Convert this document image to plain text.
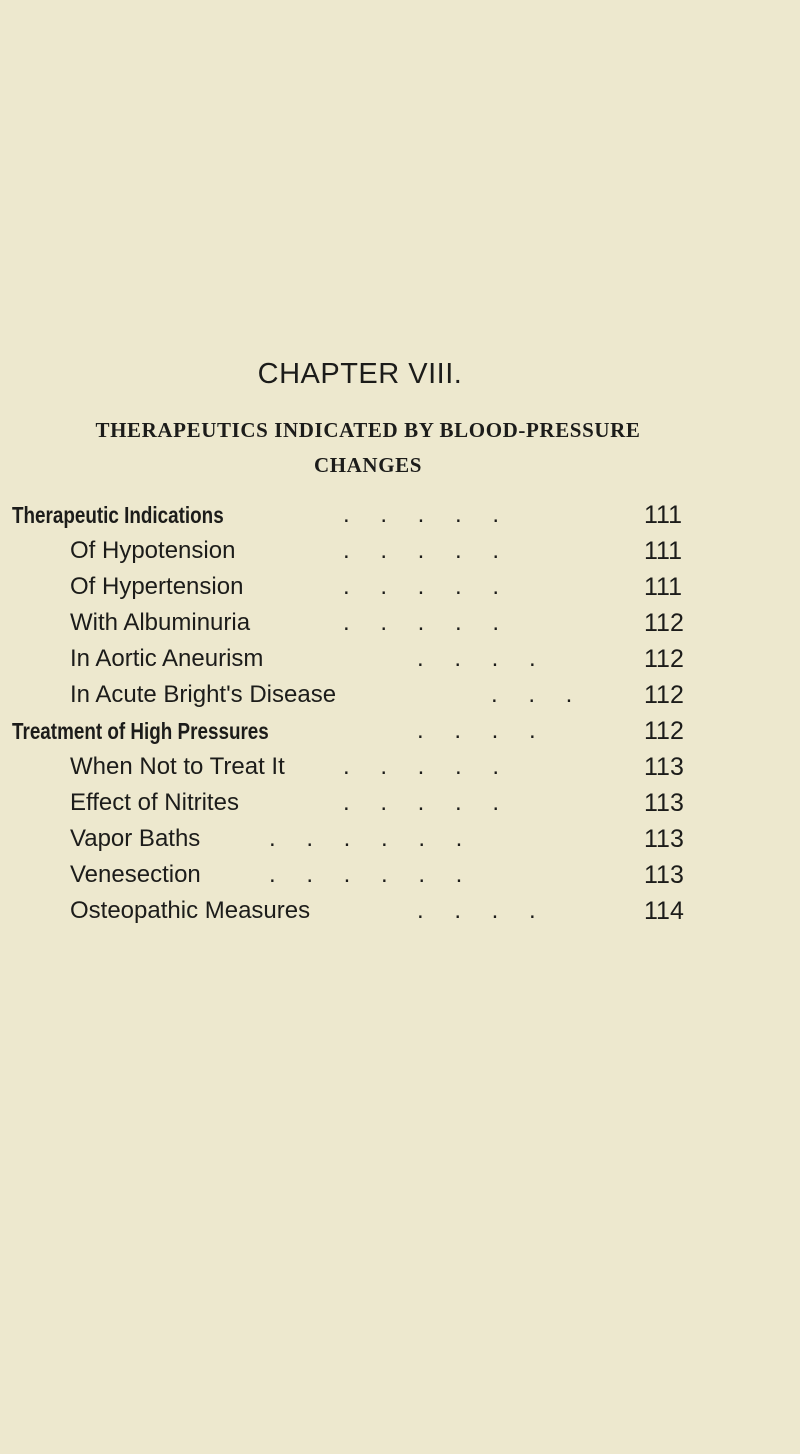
CHAPTER VIII.
THERAPEUTICS INDICATED BY BLOOD-PRESSURE
CHANGES
Therapeutic Indications	. . . . .	111
Of Hypotension	. . . . .	111
Of Hypertension	. . . . .	111
With Albuminuria	. . . . .	112
In Aortic Aneurism	. . . .	112
In Acute Bright's Disease	. . .	112
Treatment of High Pressures	. . . .	112
When Not to Treat It . . . . .	113
Effect of Nitrites	. . . . .	113
Vapor Baths	. . . . . .	113
Venesection	. . . . . .	113
Osteopathic Measures	. . . .	114
